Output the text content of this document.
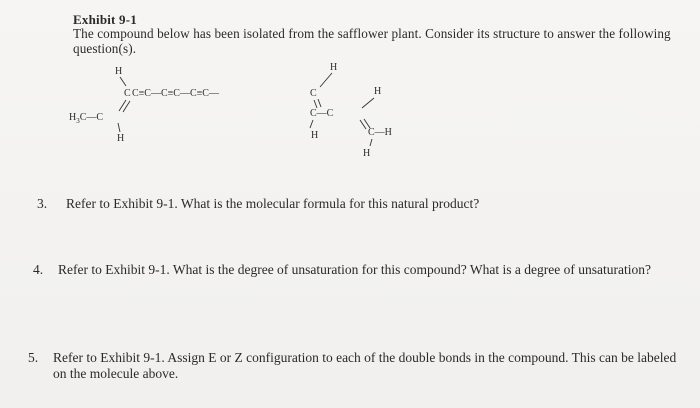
Exhibit 9-1
The compound below has been isolated from the safflower plant. Consider its structure to answer the following question(s).
H
C C≡C—C≡C—C≡C—	C
H
$H_3C—C$
H
C—C
H
H	C—H
H
3. Refer to Exhibit 9-1. What is the molecular formula for this natural product?
4. Refer to Exhibit 9-1. What is the degree of unsaturation for this compound? What is a degree of unsaturation?
5. Refer to Exhibit 9-1. Assign E or Z configuration to each of the double bonds in the compound. This can be labeled on the molecule above.
